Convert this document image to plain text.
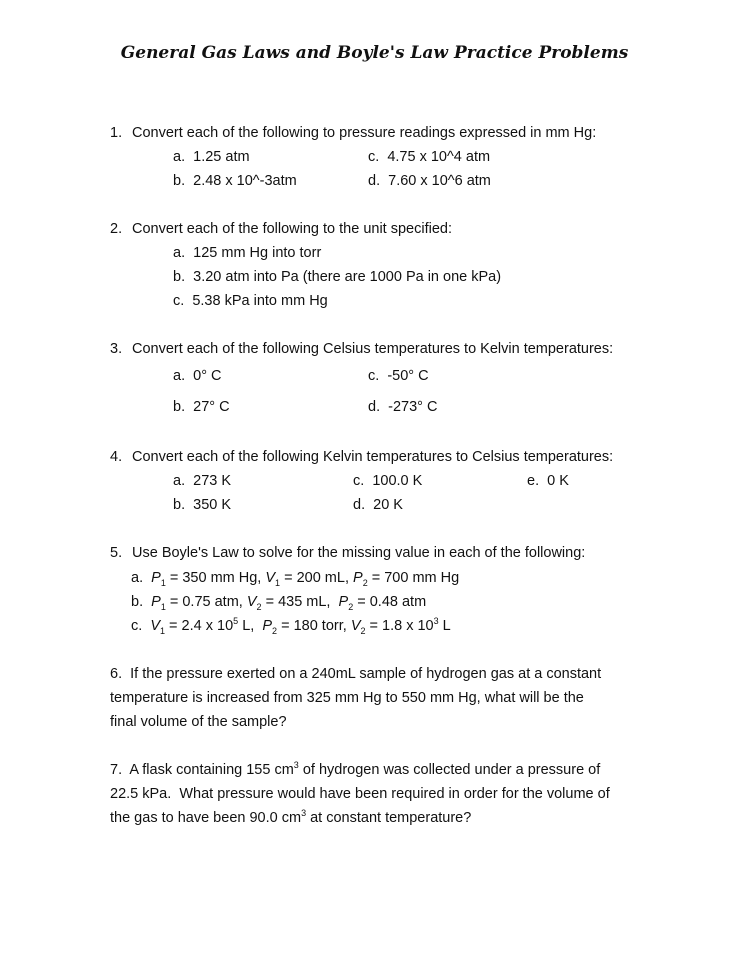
General Gas Laws and Boyle's Law Practice Problems
1. Convert each of the following to pressure readings expressed in mm Hg:
a.  1.25 atm
b.  2.48 x 10^-3atm
c.  4.75 x 10^4 atm
d.  7.60 x 10^6 atm
2. Convert each of the following to the unit specified:
a.  125 mm Hg into torr
b.  3.20 atm into Pa (there are 1000 Pa in one kPa)
c.  5.38 kPa into mm Hg
3. Convert each of the following Celsius temperatures to Kelvin temperatures:
a.  0° C
b.  27° C
c.  -50° C
d.  -273° C
4. Convert each of the following Kelvin temperatures to Celsius temperatures:
a.  273 K
b.  350 K
c.  100.0 K
d.  20 K
e.  0 K
5. Use Boyle's Law to solve for the missing value in each of the following:
a.  $P_1 = 350$ mm Hg, $V_1 = 200$ mL, $P_2 = 700$ mm Hg
b.  $P_1 = 0.75$ atm, $V_2 = 435$ mL,  $P_2 = 0.48$ atm
c.  $V_1 = 2.4$ x $10^5$ L,  $P_2 = 180$ torr, $V_2 = 1.8$ x $10^3$ L
6.  If the pressure exerted on a 240mL sample of hydrogen gas at a constant
temperature is increased from 325 mm Hg to 550 mm Hg, what will be the
final volume of the sample?
7.  A flask containing 155 $cm^3$ of hydrogen was collected under a pressure of
22.5 kPa.  What pressure would have been required in order for the volume of
the gas to have been 90.0 $cm^3$ at constant temperature?
